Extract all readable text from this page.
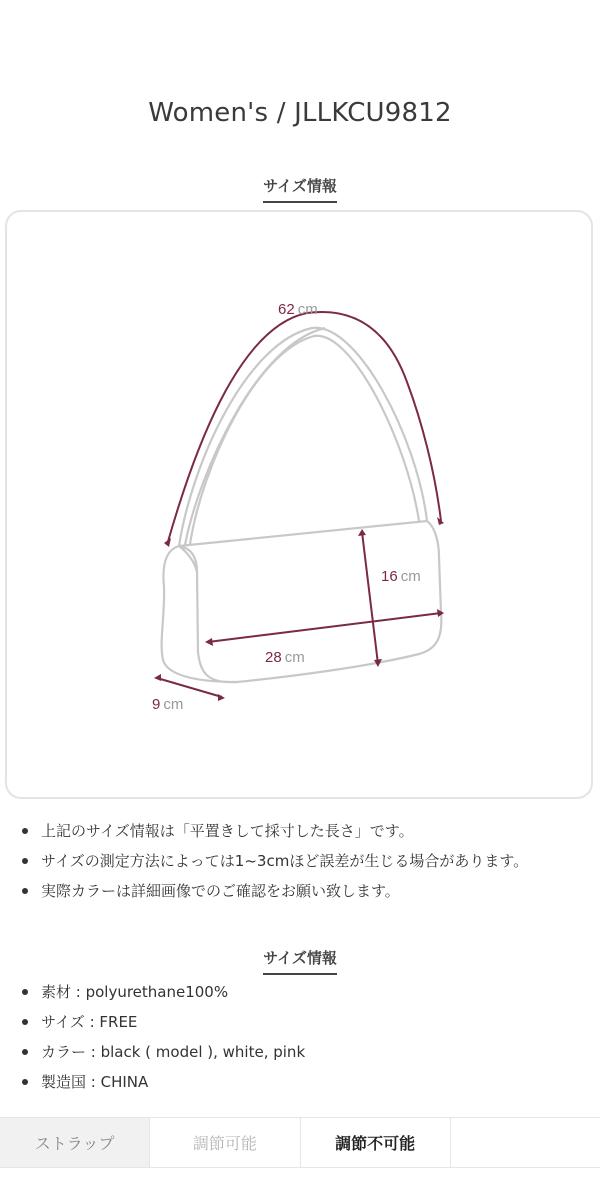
Women's / JLLKCU9812
サイズ情報
62 cm
16 cm
28 cm
9 cm
上記のサイズ情報は「平置きして採寸した長さ」です。
サイズの測定方法によっては1~3cmほど誤差が生じる場合があります。
実際カラーは詳細画像でのご確認をお願い致します。
サイズ情報
素材 : polyurethane100%
サイズ : FREE
カラー : black ( model ), white, pink
製造国 : CHINA
ストラップ	調節可能	調節不可能
